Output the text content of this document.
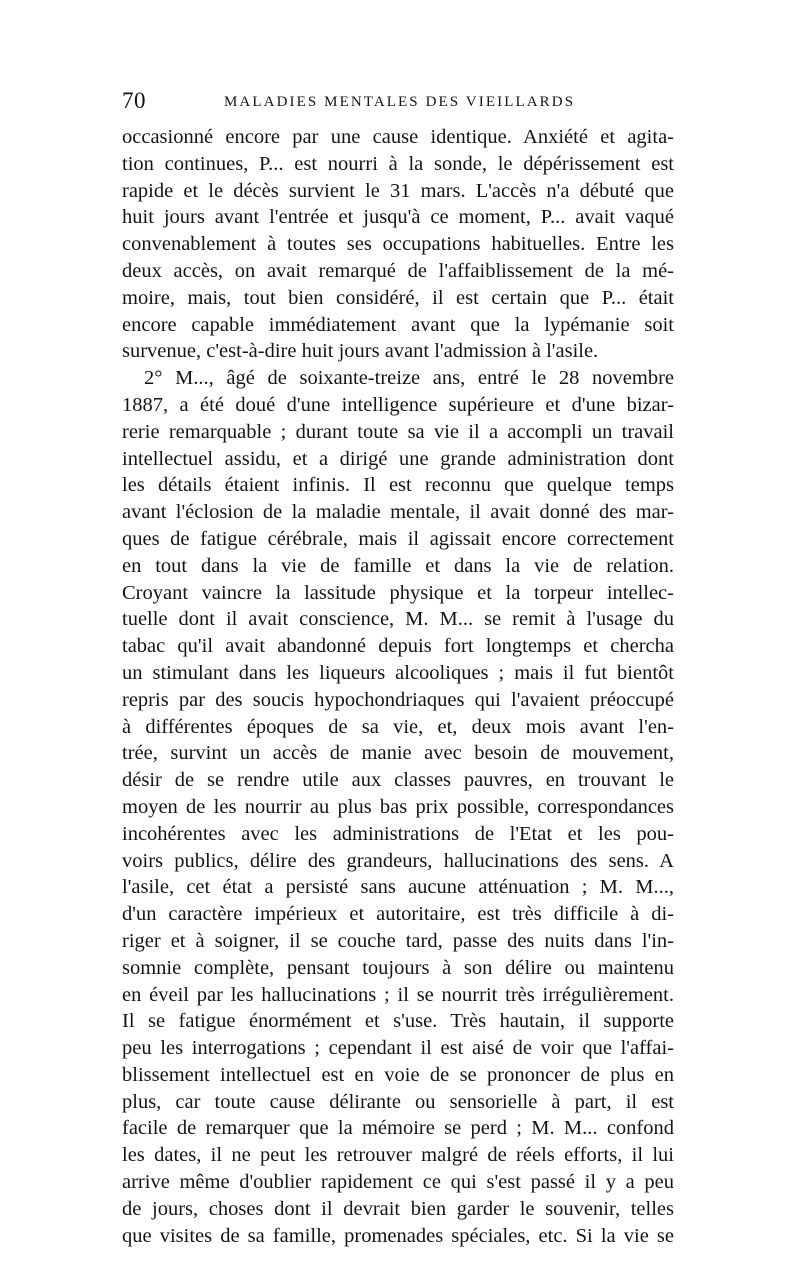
70	MALADIES MENTALES DES VIEILLARDS
occasionné encore par une cause identique. Anxiété et agita-
tion continues, P... est nourri à la sonde, le dépérissement est
rapide et le décès survient le 31 mars. L'accès n'a débuté que
huit jours avant l'entrée et jusqu'à ce moment, P... avait vaqué
convenablement à toutes ses occupations habituelles. Entre les
deux accès, on avait remarqué de l'affaiblissement de la mé-
moire, mais, tout bien considéré, il est certain que P... était
encore capable immédiatement avant que la lypémanie soit
survenue, c'est-à-dire huit jours avant l'admission à l'asile.
2° M..., âgé de soixante-treize ans, entré le 28 novembre
1887, a été doué d'une intelligence supérieure et d'une bizar-
rerie remarquable ; durant toute sa vie il a accompli un travail
intellectuel assidu, et a dirigé une grande administration dont
les détails étaient infinis. Il est reconnu que quelque temps
avant l'éclosion de la maladie mentale, il avait donné des mar-
ques de fatigue cérébrale, mais il agissait encore correctement
en tout dans la vie de famille et dans la vie de relation.
Croyant vaincre la lassitude physique et la torpeur intellec-
tuelle dont il avait conscience, M. M... se remit à l'usage du
tabac qu'il avait abandonné depuis fort longtemps et chercha
un stimulant dans les liqueurs alcooliques ; mais il fut bientôt
repris par des soucis hypochondriaques qui l'avaient préoccupé
à différentes époques de sa vie, et, deux mois avant l'en-
trée, survint un accès de manie avec besoin de mouvement,
désir de se rendre utile aux classes pauvres, en trouvant le
moyen de les nourrir au plus bas prix possible, correspondances
incohérentes avec les administrations de l'Etat et les pou-
voirs publics, délire des grandeurs, hallucinations des sens. A
l'asile, cet état a persisté sans aucune atténuation ; M. M...,
d'un caractère impérieux et autoritaire, est très difficile à di-
riger et à soigner, il se couche tard, passe des nuits dans l'in-
somnie complète, pensant toujours à son délire ou maintenu
en éveil par les hallucinations ; il se nourrit très irrégulièrement.
Il se fatigue énormément et s'use. Très hautain, il supporte
peu les interrogations ; cependant il est aisé de voir que l'affai-
blissement intellectuel est en voie de se prononcer de plus en
plus, car toute cause délirante ou sensorielle à part, il est
facile de remarquer que la mémoire se perd ; M. M... confond
les dates, il ne peut les retrouver malgré de réels efforts, il lui
arrive même d'oublier rapidement ce qui s'est passé il y a peu
de jours, choses dont il devrait bien garder le souvenir, telles
que visites de sa famille, promenades spéciales, etc. Si la vie se
